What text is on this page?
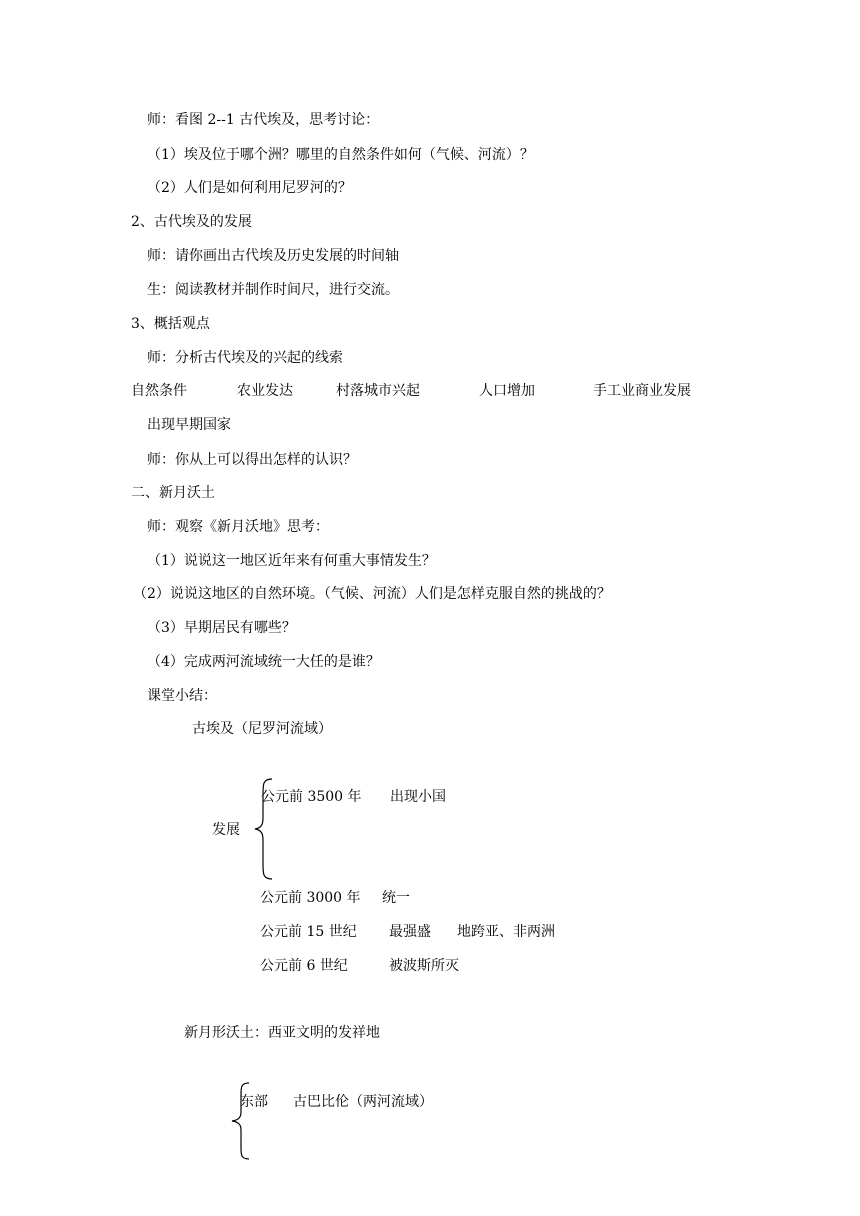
师：看图 2--1 古代埃及，思考讨论：
（1）埃及位于哪个洲？哪里的自然条件如何（气候、河流）？
（2）人们是如何利用尼罗河的？
2、古代埃及的发展
师：请你画出古代埃及历史发展的时间轴
生：阅读教材并制作时间尺，进行交流。
3、概括观点
师：分析古代埃及的兴起的线索
自然条件	农业发达	村落城市兴起	人口增加	手工业商业发展
出现早期国家
师：你从上可以得出怎样的认识？
二、新月沃土
师：观察《新月沃地》思考：
（1）说说这一地区近年来有何重大事情发生？
（2）说说这地区的自然环境。（气候、河流）人们是怎样克服自然的挑战的？
（3）早期居民有哪些？
（4）完成两河流域统一大任的是谁？
课堂小结：
古埃及（尼罗河流域）
发展
公元前 3500 年 出现小国
公元前 3000 年 统一
公元前 15 世纪 最强盛 地跨亚、非两洲
公元前 6 世纪	被波斯所灭
新月形沃土：西亚文明的发祥地
东部 古巴比伦（两河流域）
